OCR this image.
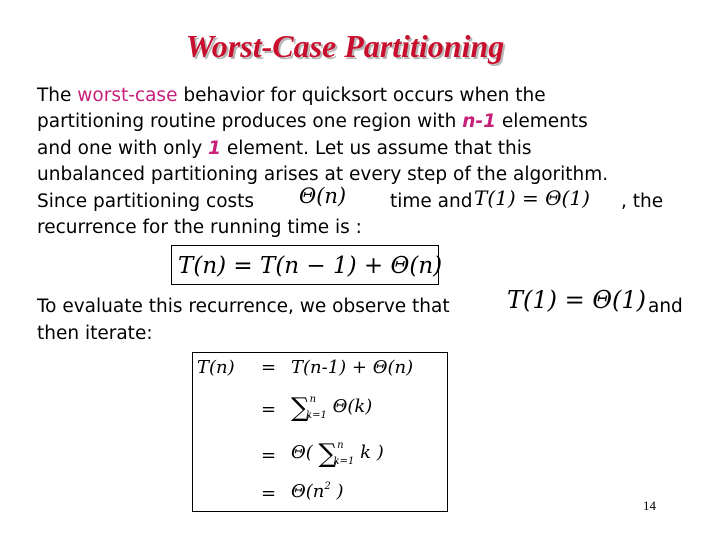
Worst-Case Partitioning
The worst-case behavior for quicksort occurs when the
partitioning routine produces one region with n-1 elements
and one with only 1 element. Let us assume that this
unbalanced partitioning arises at every step of the algorithm.
Since partitioning costs Θ(n) time and T(1) = Θ(1) , the
recurrence for the running time is :
T(n) = T(n − 1) + Θ(n)
To evaluate this recurrence, we observe that T(1) = Θ(1) and
then iterate:
T(n) = T(n-1) + Θ(n)
= ∑$^n_{k=1}$ Θ(k)
= Θ( ∑$^n_{k=1}$ k )
= $\Theta(n^2$ )
14
